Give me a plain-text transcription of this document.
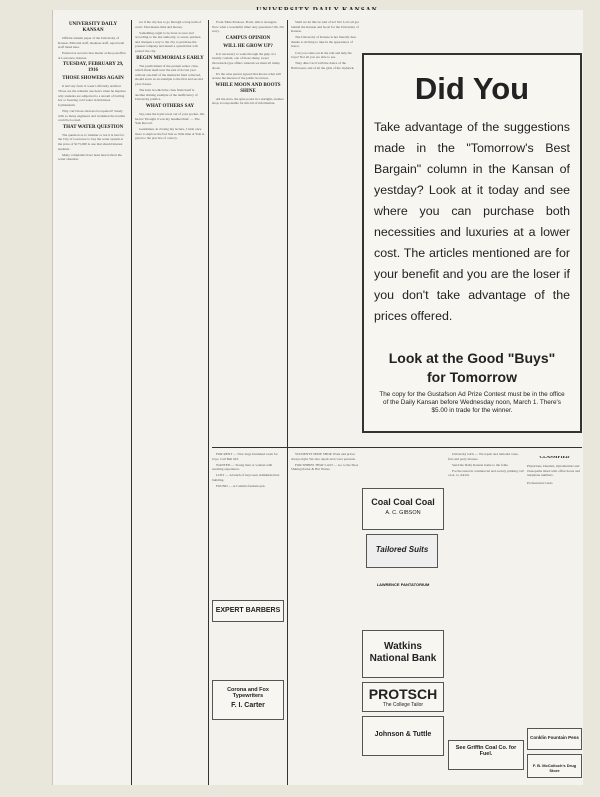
UNIVERSITY DAILY KANSAN

Official student paper of the University of Kansas. Editorial staff, business staff, reportorial staff listed here.

Entered as second class matter at the postoffice at Lawrence, Kansas.

TUESDAY, FEBRUARY 29, 1916
THOSE SHOWERS AGAIN

It isn't my fault. It wasn't officially notified. Those are the remarks one hears when he inquires why students are subjected to a stream of boiling hot or freezing cold water in Robinson Gymnasium.

Why can't those showers be repaired? Surely with so many engineers and workmen the trouble could be located.

THAT WATER QUESTION

The question as to whether or not it is best for the City of Lawrence to buy the water system at the price of $175,000 is one that should interest students.

Many complaints have been heard about the water situation.

ice if the city has to go through a long term of court. That means time and money.

Something ought to be done at once and according to the last authority, to arrest, quicken and cheapen a way to the city to purchase the present company and install a system that will protect the city.

BEGIN MEMORIALS EARLY

The predicament of the present senior class, which finds itself near the end of its last year without one-half of the memorial fund collected, should serve as an example to the first and second year classes.

The hole in which the class finds itself is another shining example of the inefficiency of University politics.

WHAT OTHERS SAY

Say, take the Gym towel out of your pocket. Oh, ha-ha! Thought it was my handkerchief. — The Yale Record.

Gentlemen, in closing my lecture, I wish once more to deplore the fact that so little time at Yale is given to the practice of oratory.

From Table Potatoes. Prom, talk to strangers. Now what a wonderful time! Any questions? Oh, I'm sorry.

CAMPUS OPINION
WILL HE GROW UP?

Is it necessary to wade through the gulp of a beastly content, one of those shaky, sweet throwback-type affairs wherein we must all tramp about.

It's the wise person agreed that knows what will arouse the interest of the public he leaves.

WHILE MOON AND BOOTS SHINE

All the stars, the spire pours in a starlight, another shop. Is responsible for this bit of information.

Shall we let this be said of us? No! Let's all get behind the Kansan and boost for the University of Kansas.

The University of Kansas is her literally dear thanks to striving to take in the appearance of honor.

Can you come out in the rain and help the boys? Not all you are able to see.

They dine Cecil with the dance of the Halloween, and of all the girls of the Jayhawk.

Did You
Take advantage of the suggestions made in the "Tomorrow's Best Bargain" column in the Kansan of yestday? Look at it today and see where you can purchase both necessities and luxuries at a lower cost. The articles mentioned are for your benefit and you are the loser if you don't take advantage of the prices offered.
Look at the Good "Buys"
for Tomorrow
The copy for the Gustafson Ad Prize Contest must be in the office of the Daily Kansan before Wednesday noon, March 1. There's $5.00 in trade for the winner.

FOR RENT — Nice large furnished room for boys. Call Bell 923.

WANTED — Young man or woman with teaching experience.

LOST — A bunch of keys near Administration building.

FOUND — A Conklin fountain pen.

EXPERT BARBERS
Corona and Fox Typewriters
F. I. Carter

STUDENTS SHOE SHOP. Work and prices always right. We also repair and cover parasols.

FOR SHINES THAT LAST — Go to the Shoe Shining Parlor & Hat Works.

Coal Coal Coal
A. C. GIBSON
Tailored Suits
LAWRENCE PANTATORIUM
Watkins National Bank
PROTSCH
The College Tailor
Johnson & Tuttle

University Girls — We repair and remodel coats, furs and party dresses.

Send the Daily Kansan home to the folks.

For the latest in commercial and society printing call on A. G. Alrich.

See Griffin Coal Co. for Fuel.
CLASSIFIED

Physicians, Dentists, Optometrists and Osteopaths listed with office hours and telephone numbers.

Professional Cards

Conklin Fountain Pens
F. B. McColloch's Drug Store
